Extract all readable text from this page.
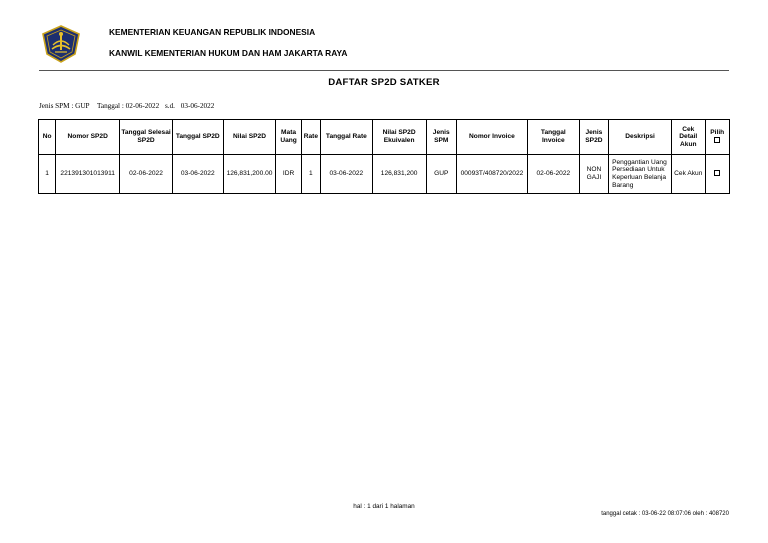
KEMENTERIAN KEUANGAN REPUBLIK INDONESIA
KANWIL KEMENTERIAN HUKUM DAN HAM JAKARTA RAYA
DAFTAR SP2D SATKER
Jenis SPM : GUP Tanggal : 02-06-2022 s.d. 03-06-2022
No	Nomor SP2D	Tanggal Selesai SP2D	Tanggal SP2D	Nilai SP2D	Mata Uang	Rate	Tanggal Rate	Nilai SP2D Ekuivalen	Jenis SPM	Nomor Invoice	Tanggal Invoice	Jenis SP2D	Deskripsi	Cek Detail Akun	Pilih

1	221391301013911	02-06-2022	03-06-2022	126,831,200.00	IDR	1	03-06-2022	126,831,200	GUP	00093T/408720/2022	02-06-2022	NON GAJI	Penggantian Uang Persediaan Untuk Keperluan Belanja Barang	Cek Akun	
hal : 1 dari 1 halaman
tanggal cetak : 03-06-22 08:07:06 oleh : 408720
